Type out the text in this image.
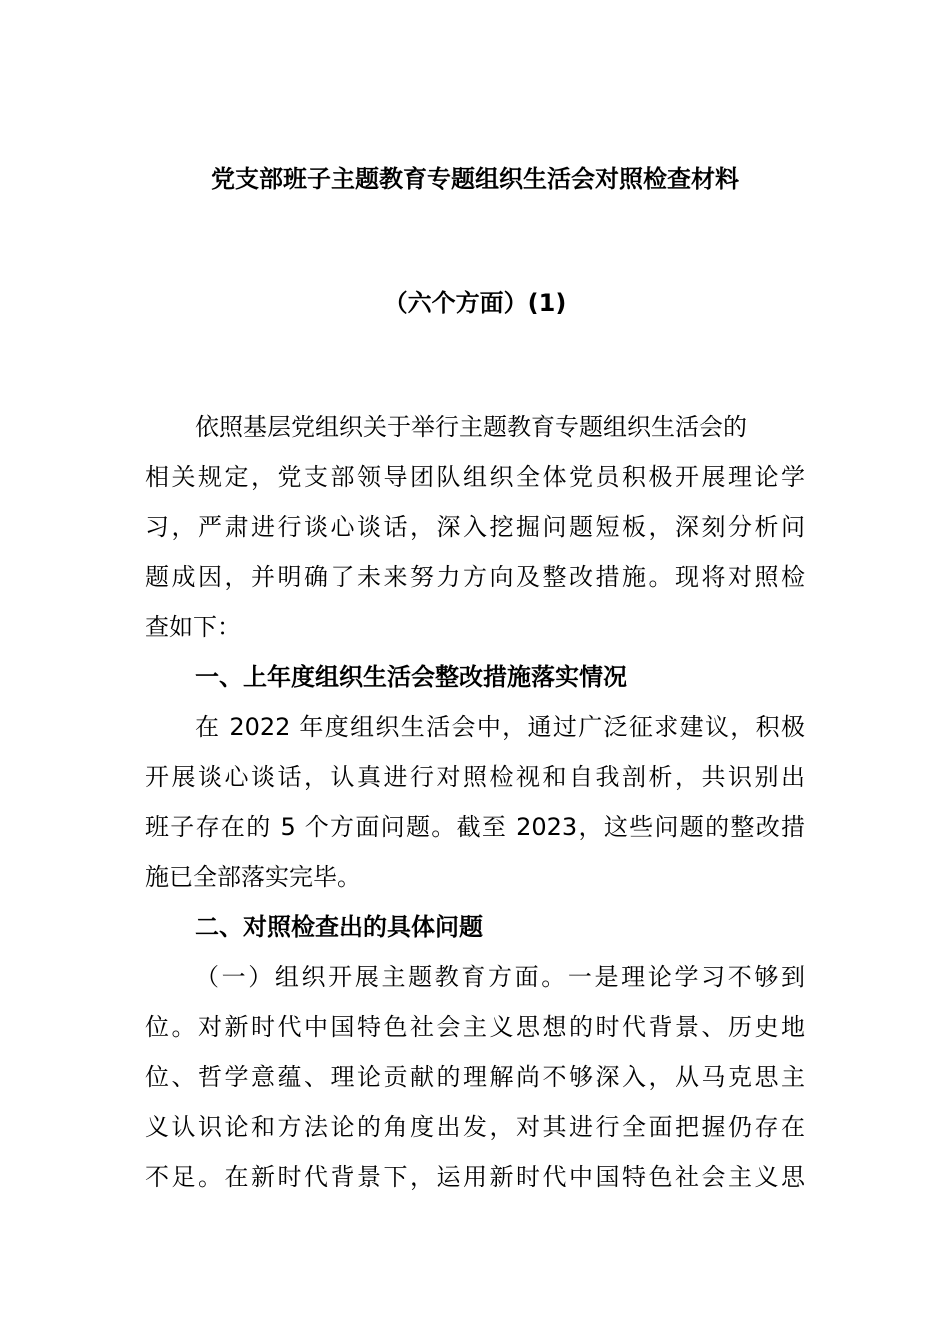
党支部班子主题教育专题组织生活会对照检查材料
（六个方面）(1)

依照基层党组织关于举行主题教育专题组织生活会的

相关规定，党支部领导团队组织全体党员积极开展理论学

习，严肃进行谈心谈话，深入挖掘问题短板，深刻分析问

题成因，并明确了未来努力方向及整改措施。现将对照检

查如下：

一、上年度组织生活会整改措施落实情况

在 2022 年度组织生活会中，通过广泛征求建议，积极

开展谈心谈话，认真进行对照检视和自我剖析，共识别出

班子存在的 5 个方面问题。截至 2023，这些问题的整改措

施已全部落实完毕。

二、对照检查出的具体问题

（一）组织开展主题教育方面。一是理论学习不够到

位。对新时代中国特色社会主义思想的时代背景、历史地

位、哲学意蕴、理论贡献的理解尚不够深入，从马克思主

义认识论和方法论的角度出发，对其进行全面把握仍存在

不足。在新时代背景下，运用新时代中国特色社会主义思
